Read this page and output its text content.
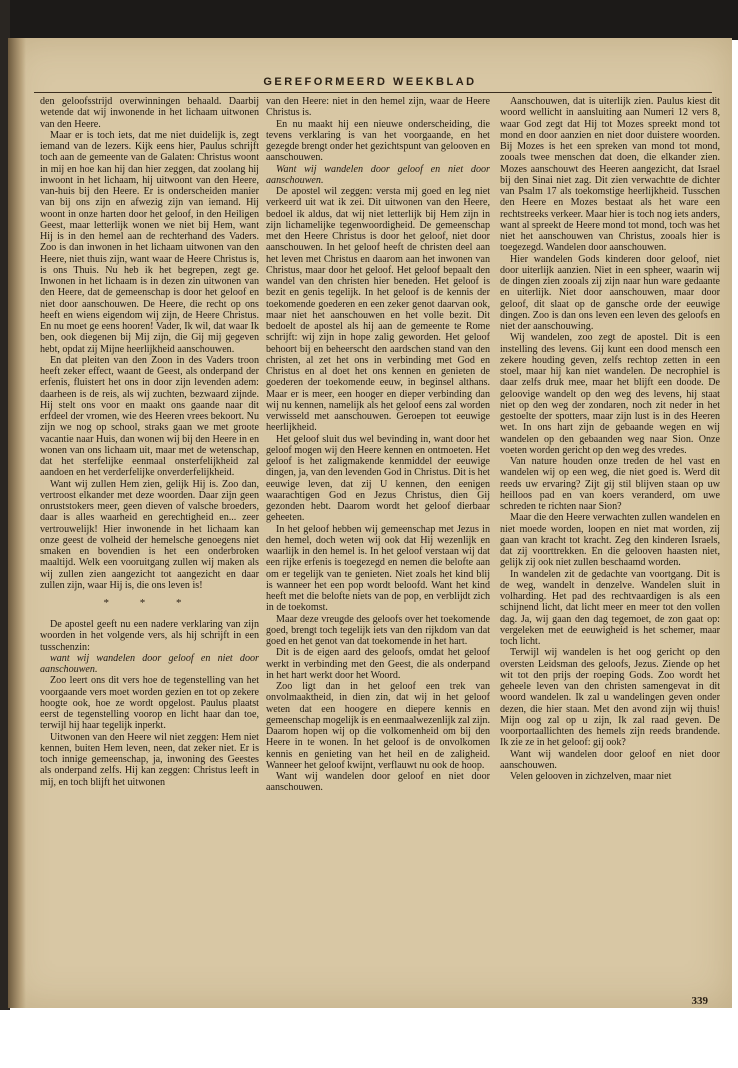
GEREFORMEERD WEEKBLAD

den geloofsstrijd overwinningen behaald. Daarbij wetende dat wij inwonende in het lichaam uitwonen van den Heere.

Maar er is toch iets, dat me niet duidelijk is, zegt iemand van de lezers. Kijk eens hier, Paulus schrijft toch aan de gemeente van de Galaten: Christus woont in mij en hoe kan hij dan hier zeggen, dat zoolang hij inwoont in het lichaam, hij uitwoont van den Heere, van-huis bij den Heere. Er is onderscheiden manier van bij ons zijn en afwezig zijn van iemand. Hij woont in onze harten door het geloof, in den Heiligen Geest, maar letterlijk wonen we niet bij Hem, want Hij is in den hemel aan de rechterhand des Vaders. Zoo is dan inwonen in het lichaam uitwonen van den Heere, niet thuis zijn, want waar de Heere Christus is, is ons Thuis. Nu heb ik het begrepen, zegt ge. Inwonen in het lichaam is in dezen zin uitwonen van den Heere, dat de gemeenschap is door het geloof en niet door aanschouwen. De Heere, die recht op ons heeft en wiens eigendom wij zijn, de Heere Christus. En nu moet ge eens hooren! Vader, Ik wil, dat waar Ik ben, ook diegenen bij Mij zijn, die Gij mij gegeven hebt, opdat zij Mijne heerlijkheid aanschouwen.

En dat pleiten van den Zoon in des Vaders troon heeft zeker effect, waant de Geest, als onderpand der erfenis, fluistert het ons in door zijn levenden adem: daarheen is de reis, als wij zuchten, bezwaard zijnde. Hij stelt ons voor en maakt ons gaande naar dit erfdeel der vromen, wie des Heeren vrees bekoort. Nu zijn we nog op school, straks gaan we met groote vacantie naar Huis, dan wonen wij bij den Heere in en wonen van ons lichaam uit, maar met de wetenschap, dat het sterfelijke eenmaal onsterfelijkheid zal aandoen en het verderfelijke onverderfelijkheid.

Want wij zullen Hem zien, gelijk Hij is. Zoo dan, vertroost elkander met deze woorden. Daar zijn geen onruststokers meer, geen dieven of valsche broeders, daar is alles waarheid en gerechtigheid en... zeer vertrouwelijk! Hier inwonende in het lichaam kan onze geest de volheid der hemelsche genoegens niet smaken en bovendien is het een onderbroken maaltijd. Welk een vooruitgang zullen wij maken als wij zullen zien aangezicht tot aangezicht en daar zullen zijn, waar Hij is, die ons leven is!

* * *

De apostel geeft nu een nadere verklaring van zijn woorden in het volgende vers, als hij schrijft in een tusschenzin:

want wij wandelen door geloof en niet door aanschouwen.

Zoo leert ons dit vers hoe de tegenstelling van het voorgaande vers moet worden gezien en tot op zekere hoogte ook, hoe ze wordt opgelost. Paulus plaatst eerst de tegenstelling voorop en licht haar dan toe, terwijl hij haar tegelijk inperkt.

Uitwonen van den Heere wil niet zeggen: Hem niet kennen, buiten Hem leven, neen, dat zeker niet. Er is toch innige gemeenschap, ja, inwoning des Geestes als onderpand zelfs. Hij kan zeggen: Christus leeft in mij, en toch blijft het uitwonen

van den Heere: niet in den hemel zijn, waar de Heere Christus is.

En nu maakt hij een nieuwe onderscheiding, die tevens verklaring is van het voorgaande, en het gezegde brengt onder het gezichtspunt van gelooven en aanschouwen.

Want wij wandelen door geloof en niet door aanschouwen.

De apostel wil zeggen: versta mij goed en leg niet verkeerd uit wat ik zei. Dit uitwonen van den Heere, bedoel ik aldus, dat wij niet letterlijk bij Hem zijn in zijn lichamelijke tegenwoordigheid. De gemeenschap met den Heere Christus is door het geloof, niet door aanschouwen. In het geloof heeft de christen deel aan het leven met Christus en daarom aan het inwonen van Christus, maar door het geloof. Het geloof bepaalt den wandel van den christen hier beneden. Het geloof is bezit en genis tegelijk. In het geloof is de kennis der toekomende goederen en een zeker genot daarvan ook, maar niet het aanschouwen en het volle bezit. Dit bedoelt de apostel als hij aan de gemeente te Rome schrijft: wij zijn in hope zalig geworden. Het geloof behoort bij en beheerscht den aardschen stand van den christen, al zet het ons in verbinding met God en Christus en al doet het ons kennen en genieten de goederen der toekomende eeuw, in beginsel althans. Maar er is meer, een hooger en dieper verbinding dan wij nu kennen, namelijk als het geloof eens zal worden verwisseld met aanschouwen. Geroepen tot eeuwige heerlijkheid.

Het geloof sluit dus wel bevinding in, want door het geloof mogen wij den Heere kennen en ontmoeten. Het geloof is het zaligmakende kenmiddel der eeuwige dingen, ja, van den levenden God in Christus. Dit is het eeuwige leven, dat zij U kennen, den eenigen waarachtigen God en Jezus Christus, dien Gij gezonden hebt. Daarom wordt het geloof dierbaar geheeten.

In het geloof hebben wij gemeenschap met Jezus in den hemel, doch weten wij ook dat Hij wezenlijk en waarlijk in den hemel is. In het geloof verstaan wij dat een rijke erfenis is toegezegd en nemen die belofte aan om er tegelijk van te genieten. Niet zoals het kind blij is wanneer het een pop wordt beloofd. Want het kind heeft met die belofte niets van de pop, en verblijdt zich in de toekomst.

Maar deze vreugde des geloofs over het toekomende goed, brengt toch tegelijk iets van den rijkdom van dat goed en het genot van dat toekomende in het hart.

Dit is de eigen aard des geloofs, omdat het geloof werkt in verbinding met den Geest, die als onderpand in het hart werkt door het Woord.

Zoo ligt dan in het geloof een trek van onvolmaaktheid, in dien zin, dat wij in het geloof weten dat een hoogere en diepere kennis en gemeenschap mogelijk is en eenmaalwezenlijk zal zijn. Daarom hopen wij op die volkomenheid om bij den Heere in te wonen. In het geloof is de onvolkomen kennis en genieting van het heil en de zaligheid. Wanneer het geloof kwijnt, verflauwt nu ook de hoop.

Want wij wandelen door geloof en niet door aanschouwen.

Aanschouwen, dat is uiterlijk zien. Paulus kiest dit woord wellicht in aansluiting aan Numeri 12 vers 8, waar God zegt dat Hij tot Mozes spreekt mond tot mond en door aanzien en niet door duistere woorden. Bij Mozes is het een spreken van mond tot mond, zooals twee menschen dat doen, die elkander zien. Mozes aanschouwt des Heeren aangezicht, dat Israel bij den Sinai niet zag. Dit zien verwachtte de dichter van Psalm 17 als toekomstige heerlijkheid. Tusschen den Heere en Mozes bestaat als het ware een rechtstreeks verkeer. Maar hier is toch nog iets anders, want al spreekt de Heere mond tot mond, toch was het niet het aanschouwen van Christus, zooals hier is toegezegd. Wandelen door aanschouwen.

Hier wandelen Gods kinderen door geloof, niet door uiterlijk aanzien. Niet in een spheer, waarin wij de dingen zien zooals zij zijn naar hun ware gedaante en uiterlijk. Niet door aanschouwen, maar door geloof, dit slaat op de gansche orde der eeuwige dingen. Zoo is dan ons leven een leven des geloofs en niet der aanschouwing.

Wij wandelen, zoo zegt de apostel. Dit is een instelling des levens. Gij kunt een dood mensch een zekere houding geven, zelfs rechtop zetten in een stoel, maar hij kan niet wandelen. De necrophiel is daar zelfs druk mee, maar het blijft een doode. De geloovige wandelt op den weg des levens, hij staat niet op den weg der zondaren, noch zit neder in het gestoelte der spotters, maar zijn lust is in des Heeren wet. In ons hart zijn de gebaande wegen en wij wandelen op den gebaanden weg naar Sion. Onze voeten worden gericht op den weg des vredes.

Van nature houden onze treden de hel vast en wandelen wij op een weg, die niet goed is. Werd dit reeds uw ervaring? Zijt gij stil blijven staan op uw heilloos pad en van koers veranderd, om uwe schreden te richten naar Sion?

Maar die den Heere verwachten zullen wandelen en niet moede worden, loopen en niet mat worden, zij gaan van kracht tot kracht. Zeg den kinderen Israels, dat zij voorttrekken. En die gelooven haasten niet, gelijk zij ook niet zullen beschaamd worden.

In wandelen zit de gedachte van voortgang. Dit is de weg, wandelt in denzelve. Wandelen sluit in volharding. Het pad des rechtvaardigen is als een schijnend licht, dat licht meer en meer tot den vollen dag. Ja, wij gaan den dag tegemoet, de zon gaat op: vergeleken met de eeuwigheid is het schemer, maar toch licht.

Terwijl wij wandelen is het oog gericht op den oversten Leidsman des geloofs, Jezus. Ziende op het wit tot den prijs der roeping Gods. Zoo wordt het geheele leven van den christen samengevat in dit woord wandelen. Ik zal u wandelingen geven onder dezen, die hier staan. Met den avond zijn wij thuis! Mijn oog zal op u zijn, Ik zal raad geven. De voorportaallichten des hemels zijn reeds brandende. Ik zie ze in het geloof: gij ook?

Want wij wandelen door geloof en niet door aanschouwen.

Velen gelooven in zichzelven, maar niet

339
